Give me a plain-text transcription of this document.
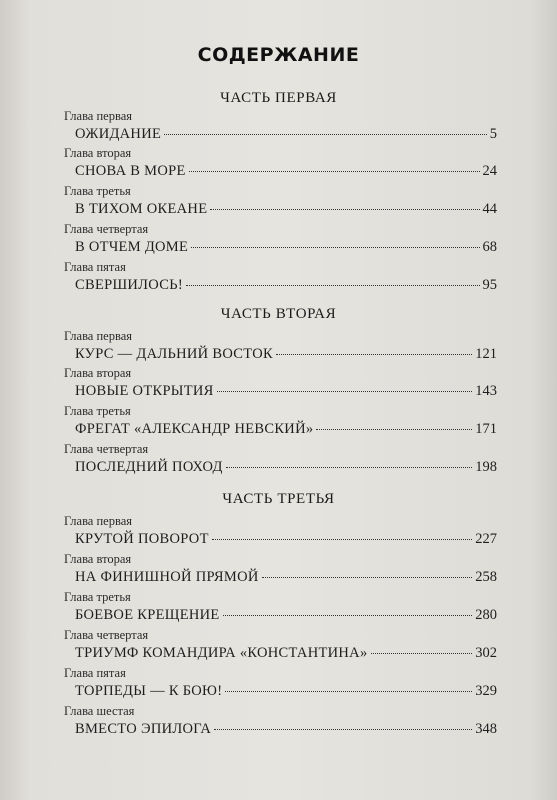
СОДЕРЖАНИЕ
ЧАСТЬ ПЕРВАЯ
Глава первая
ОЖИДАНИЕ	5
Глава вторая
СНОВА В МОРЕ	24
Глава третья
В ТИХОМ ОКЕАНЕ	44
Глава четвертая
В ОТЧЕМ ДОМЕ	68
Глава пятая
СВЕРШИЛОСЬ!	95
ЧАСТЬ ВТОРАЯ
Глава первая
КУРС — ДАЛЬНИЙ ВОСТОК	121
Глава вторая
НОВЫЕ ОТКРЫТИЯ	143
Глава третья
ФРЕГАТ «АЛЕКСАНДР НЕВСКИЙ»	171
Глава четвертая
ПОСЛЕДНИЙ ПОХОД	198
ЧАСТЬ ТРЕТЬЯ
Глава первая
КРУТОЙ ПОВОРОТ	227
Глава вторая
НА ФИНИШНОЙ ПРЯМОЙ	258
Глава третья
БОЕВОЕ КРЕЩЕНИЕ	280
Глава четвертая
ТРИУМФ КОМАНДИРА «КОНСТАНТИНА»	302
Глава пятая
ТОРПЕДЫ — К БОЮ!	329
Глава шестая
ВМЕСТО ЭПИЛОГА	348
